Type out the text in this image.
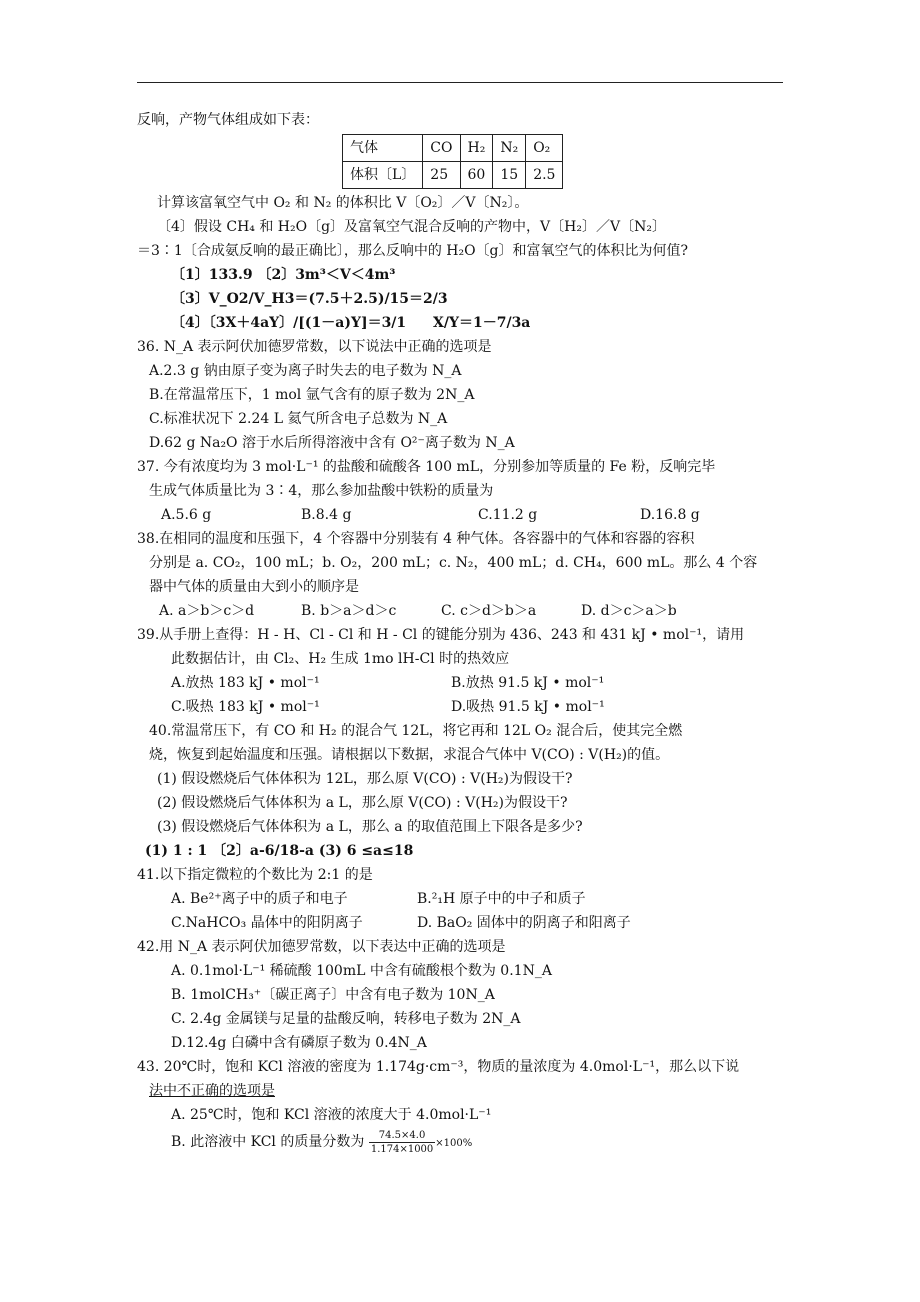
反响，产物气体组成如下表：
气体	CO	H₂	N₂	O₂
体积〔L〕	25	60	15	2.5
计算该富氧空气中 O₂ 和 N₂ 的体积比 V〔O₂〕／V〔N₂〕。
〔4〕假设 CH₄ 和 H₂O〔g〕及富氧空气混合反响的产物中，V〔H₂〕／V〔N₂〕
＝3∶1〔合成氨反响的最正确比〕，那么反响中的 H₂O〔g〕和富氧空气的体积比为何值?
〔1〕133.9 〔2〕3m³＜V＜4m³
〔3〕V_O2/V_H3＝(7.5＋2.5)/15＝2/3
〔4〕〔3X＋4aY〕/[(1－a)Y]＝3/1	X/Y＝1－7/3a
36. N_A 表示阿伏加德罗常数，以下说法中正确的选项是
A.2.3 g 钠由原子变为离子时失去的电子数为 N_A
B.在常温常压下，1 mol 氩气含有的原子数为 2N_A
C.标准状况下 2.24 L 氦气所含电子总数为 N_A
D.62 g Na₂O 溶于水后所得溶液中含有 O²⁻离子数为 N_A
37. 今有浓度均为 3 mol·L⁻¹ 的盐酸和硫酸各 100 mL，分别参加等质量的 Fe 粉，反响完毕
生成气体质量比为 3∶4，那么参加盐酸中铁粉的质量为
A.5.6 g	B.8.4 g	C.11.2 g	D.16.8 g
38.在相同的温度和压强下，4 个容器中分别装有 4 种气体。各容器中的气体和容器的容积
分别是 a. CO₂，100 mL；b. O₂，200 mL；c. N₂，400 mL；d. CH₄，600 mL。那么 4 个容
器中气体的质量由大到小的顺序是
A. a＞b＞c＞d	B. b＞a＞d＞c	C. c＞d＞b＞a	D. d＞c＞a＞b
39.从手册上查得：H - H、Cl - Cl 和 H - Cl 的键能分别为 436、243 和 431 kJ • mol⁻¹，请用
此数据估计，由 Cl₂、H₂ 生成 1mo lH-Cl 时的热效应
A.放热 183 kJ • mol⁻¹	B.放热 91.5 kJ • mol⁻¹
C.吸热 183 kJ • mol⁻¹	D.吸热 91.5 kJ • mol⁻¹
40.常温常压下，有 CO 和 H₂ 的混合气 12L，将它再和 12L O₂ 混合后，使其完全燃
烧，恢复到起始温度和压强。请根据以下数据，求混合气体中 V(CO) : V(H₂)的值。
(1) 假设燃烧后气体体积为 12L，那么原 V(CO) : V(H₂)为假设干?
(2) 假设燃烧后气体体积为 a L，那么原 V(CO) : V(H₂)为假设干?
(3) 假设燃烧后气体体积为 a L，那么 a 的取值范围上下限各是多少?
(1) 1 : 1 〔2〕a-6/18-a (3) 6 ≤a≤18
41.以下指定微粒的个数比为 2:1 的是
A. Be²⁺离子中的质子和电子	B.²₁H 原子中的中子和质子
C.NaHCO₃ 晶体中的阳阴离子	D. BaO₂ 固体中的阴离子和阳离子
42.用 N_A 表示阿伏加德罗常数，以下表达中正确的选项是
A. 0.1mol·L⁻¹ 稀硫酸 100mL 中含有硫酸根个数为 0.1N_A
B. 1molCH₃⁺〔碳正离子〕中含有电子数为 10N_A
C. 2.4g 金属镁与足量的盐酸反响，转移电子数为 2N_A
D.12.4g 白磷中含有磷原子数为 0.4N_A
43. 20℃时，饱和 KCl 溶液的密度为 1.174g·cm⁻³，物质的量浓度为 4.0mol·L⁻¹，那么以下说
法中不正确的选项是
A. 25℃时，饱和 KCl 溶液的浓度大于 4.0mol·L⁻¹
B. 此溶液中 KCl 的质量分数为 $\frac{74.5\times 4.0}{1.174\times 1000} \times 100\%$
